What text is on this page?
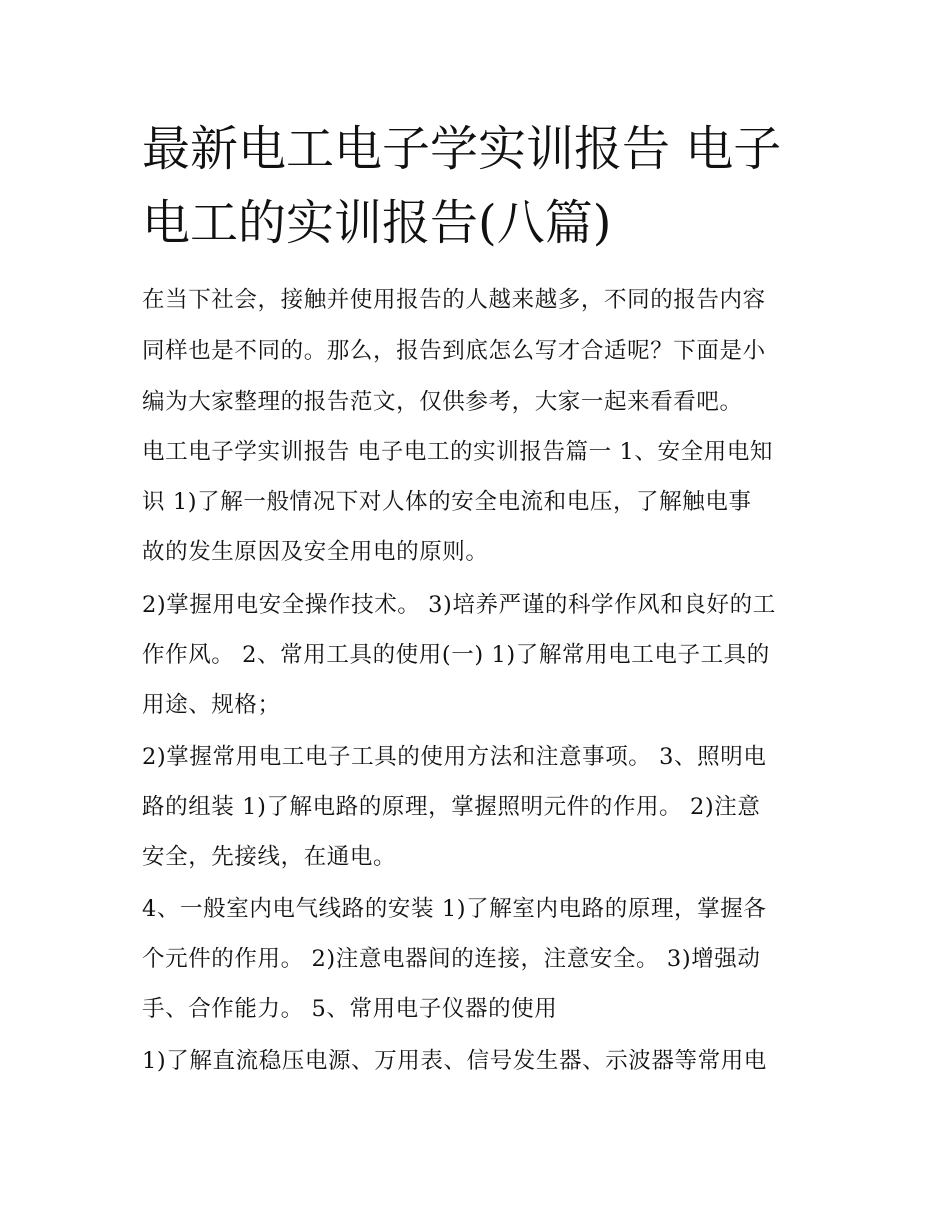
最新电工电子学实训报告 电子
电工的实训报告(八篇)
在当下社会，接触并使用报告的人越来越多，不同的报告内容
同样也是不同的。那么，报告到底怎么写才合适呢？下面是小
编为大家整理的报告范文，仅供参考，大家一起来看看吧。
电工电子学实训报告 电子电工的实训报告篇一 1、安全用电知
识 1)了解一般情况下对人体的安全电流和电压，了解触电事
故的发生原因及安全用电的原则。
2)掌握用电安全操作技术。 3)培养严谨的科学作风和良好的工
作作风。 2、常用工具的使用(一) 1)了解常用电工电子工具的
用途、规格；
2)掌握常用电工电子工具的使用方法和注意事项。 3、照明电
路的组装 1)了解电路的原理，掌握照明元件的作用。 2)注意
安全，先接线，在通电。
4、一般室内电气线路的安装 1)了解室内电路的原理，掌握各
个元件的作用。 2)注意电器间的连接，注意安全。 3)增强动
手、合作能力。 5、常用电子仪器的使用
1)了解直流稳压电源、万用表、信号发生器、示波器等常用电
